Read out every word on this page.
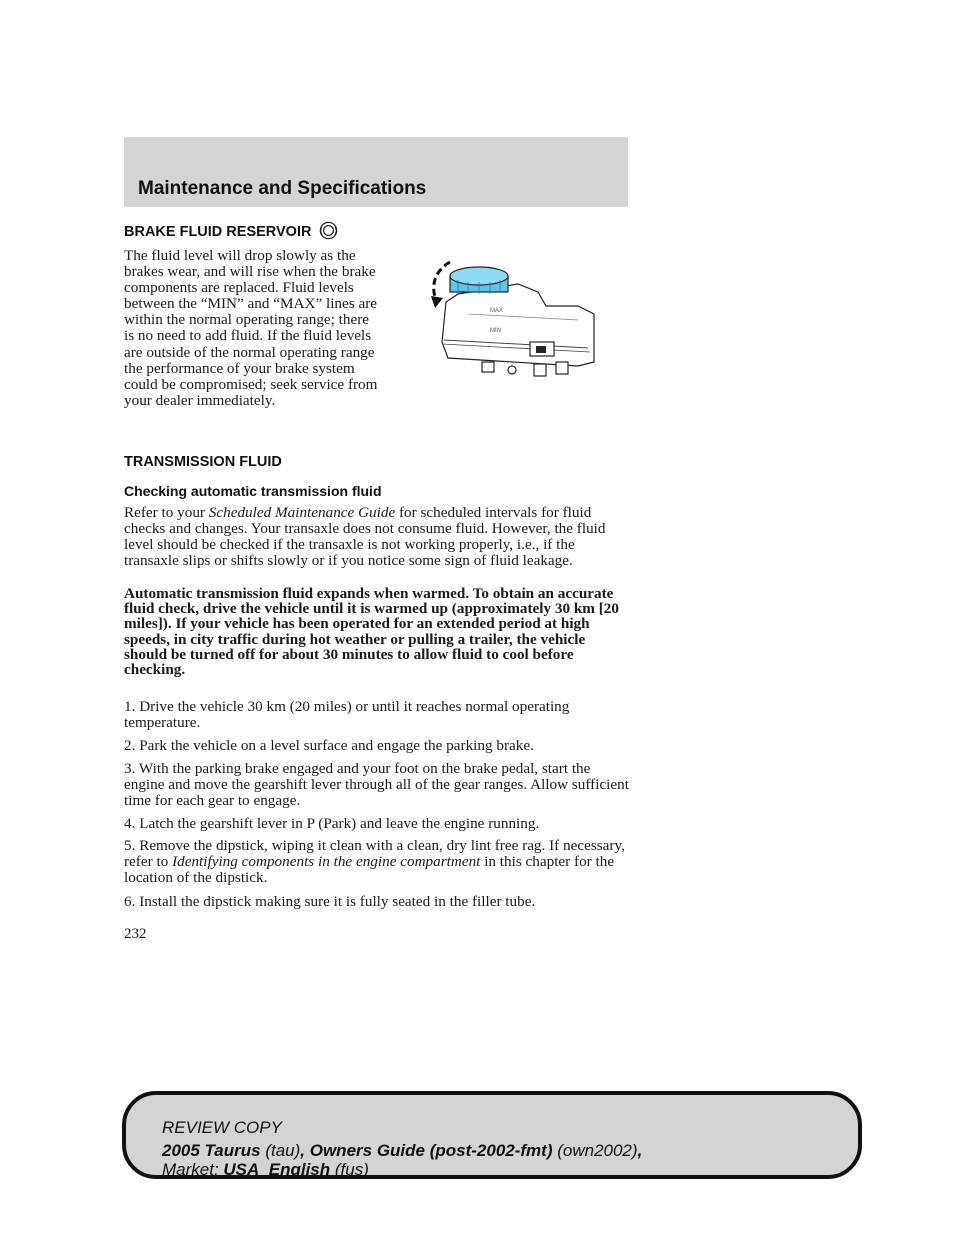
Maintenance and Specifications
BRAKE FLUID RESERVOIR

The fluid level will drop slowly as the brakes wear, and will rise when the brake components are replaced. Fluid levels between the “MIN” and “MAX” lines are within the normal operating range; there is no need to add fluid. If the fluid levels are outside of the normal operating range the performance of your brake system could be compromised; seek service from your dealer immediately.

MAX
MIN
TRANSMISSION FLUID
Checking automatic transmission fluid

Refer to your Scheduled Maintenance Guide for scheduled intervals for fluid checks and changes. Your transaxle does not consume fluid. However, the fluid level should be checked if the transaxle is not working properly, i.e., if the transaxle slips or shifts slowly or if you notice some sign of fluid leakage.

Automatic transmission fluid expands when warmed. To obtain an accurate fluid check, drive the vehicle until it is warmed up (approximately 30 km [20 miles]). If your vehicle has been operated for an extended period at high speeds, in city traffic during hot weather or pulling a trailer, the vehicle should be turned off for about 30 minutes to allow fluid to cool before checking.

1. Drive the vehicle 30 km (20 miles) or until it reaches normal operating temperature.

2. Park the vehicle on a level surface and engage the parking brake.

3. With the parking brake engaged and your foot on the brake pedal, start the engine and move the gearshift lever through all of the gear ranges. Allow sufficient time for each gear to engage.

4. Latch the gearshift lever in P (Park) and leave the engine running.

5. Remove the dipstick, wiping it clean with a clean, dry lint free rag. If necessary, refer to Identifying components in the engine compartment in this chapter for the location of the dipstick.

6. Install the dipstick making sure it is fully seated in the filler tube.

232
REVIEW COPY
2005 Taurus (tau), Owners Guide (post-2002-fmt) (own2002),
Market: USA_English (fus)
